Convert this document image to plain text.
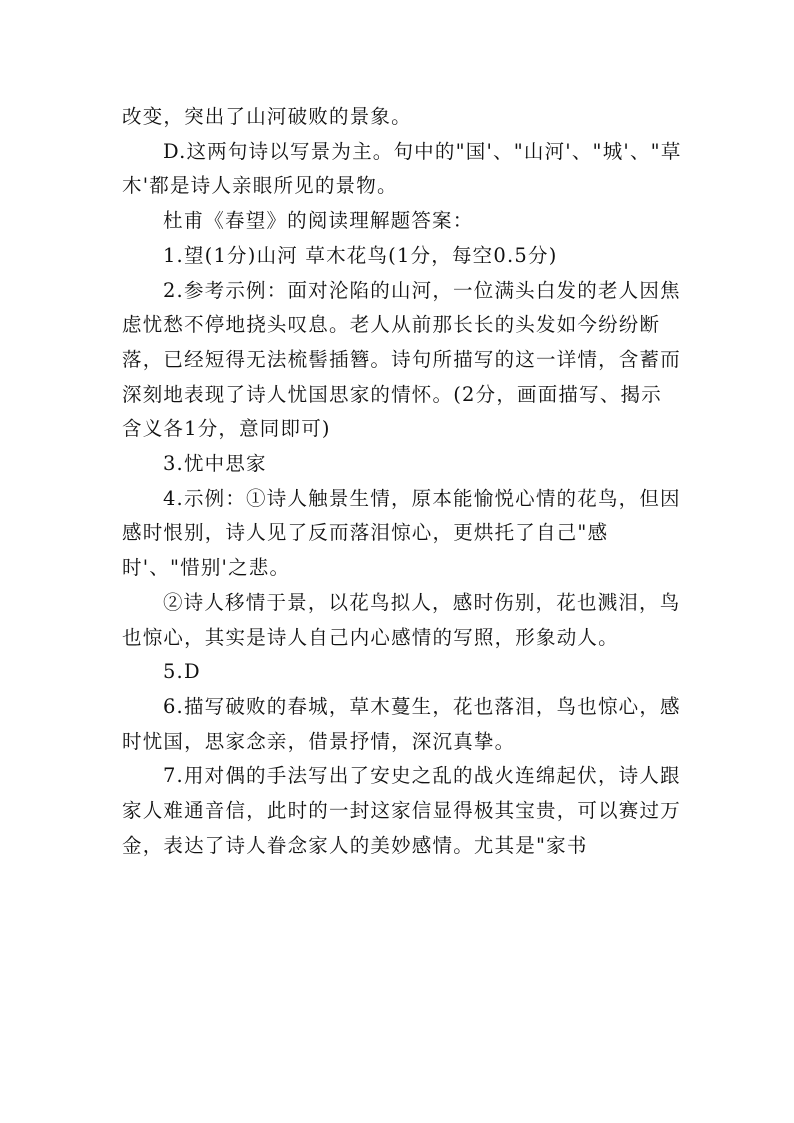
改变，突出了山河破败的景象。

D.这两句诗以写景为主。句中的"国'、"山河'、"城'、"草木'都是诗人亲眼所见的景物。

杜甫《春望》的阅读理解题答案：

1.望(1分)山河 草木花鸟(1分，每空0.5分)

2.参考示例：面对沦陷的山河，一位满头白发的老人因焦虑忧愁不停地挠头叹息。老人从前那长长的头发如今纷纷断落，已经短得无法梳髻插簪。诗句所描写的这一详情，含蓄而深刻地表现了诗人忧国思家的情怀。(2分，画面描写、揭示含义各1分，意同即可)

3.忧中思家

4.示例：①诗人触景生情，原本能愉悦心情的花鸟，但因感时恨别，诗人见了反而落泪惊心，更烘托了自己"感时'、"惜别'之悲。

②诗人移情于景，以花鸟拟人，感时伤别，花也溅泪，鸟也惊心，其实是诗人自己内心感情的写照，形象动人。

5.D

6.描写破败的春城，草木蔓生，花也落泪，鸟也惊心，感时忧国，思家念亲，借景抒情，深沉真挚。

7.用对偶的手法写出了安史之乱的战火连绵起伏，诗人跟家人难通音信，此时的一封这家信显得极其宝贵，可以赛过万金，表达了诗人眷念家人的美妙感情。尤其是"家书
